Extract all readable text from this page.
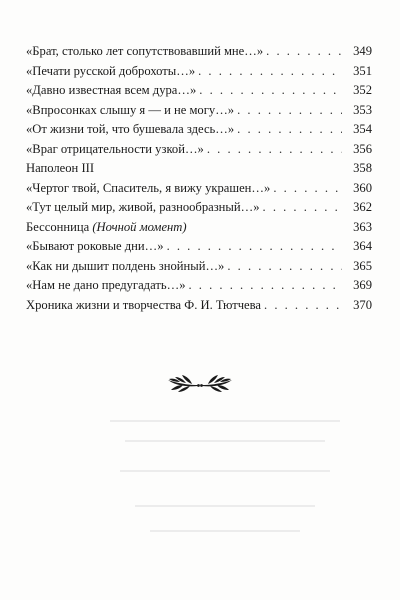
«Брат, столько лет сопутствовавший мне…» . . .	349
«Печати русской доброхоты…» . . .	351
«Давно известная всем дура…» . . .	352
«Впросонках слышу я — и не могу…» . . .	353
«От жизни той, что бушевала здесь…» . . .	354
«Враг отрицательности узкой…» . . .	356
Наполеон III	358
«Чертог твой, Спаситель, я вижу украшен…» . . .	360
«Тут целый мир, живой, разнообразный…» . . .	362
Бессонница (Ночной момент)	363
«Бывают роковые дни…» . . .	364
«Как ни дышит полдень знойный…» . . .	365
«Нам не дано предугадать…» . . .	369
Хроника жизни и творчества Ф. И. Тютчева . . .	370
